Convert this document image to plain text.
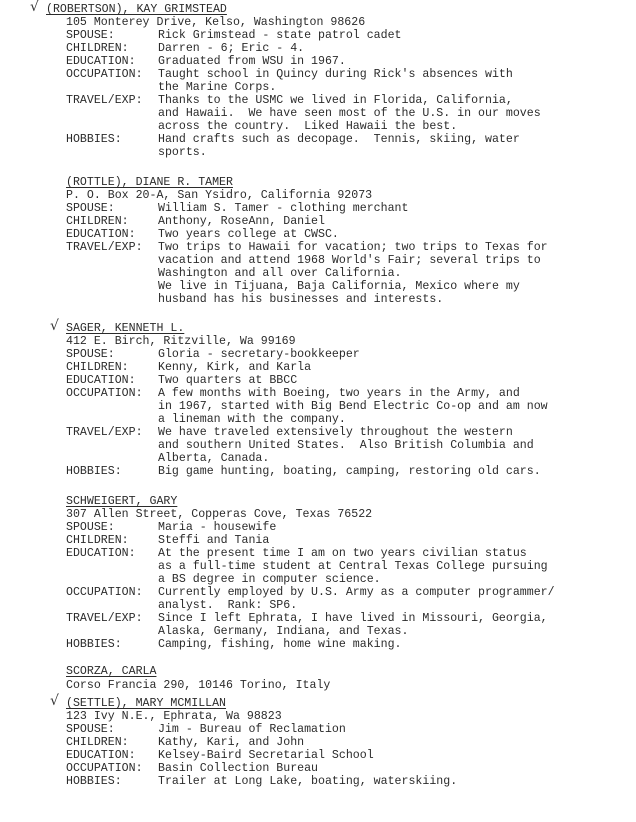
√ (ROBERTSON), KAY GRIMSTEAD
105 Monterey Drive, Kelso, Washington 98626
SPOUSE:	Rick Grimstead - state patrol cadet
CHILDREN:	Darren - 6; Eric - 4.
EDUCATION: Graduated from WSU in 1967.
OCCUPATION: Taught school in Quincy during Rick's absences with
the Marine Corps.
TRAVEL/EXP: Thanks to the USMC we lived in Florida, California,
and Hawaii.  We have seen most of the U.S. in our moves
across the country.  Liked Hawaii the best.
HOBBIES:	Hand crafts such as decopage.  Tennis, skiing, water
sports.
(ROTTLE), DIANE R. TAMER
P. O. Box 20-A, San Ysidro, California 92073
SPOUSE:	William S. Tamer - clothing merchant
CHILDREN:	Anthony, RoseAnn, Daniel
EDUCATION: Two years college at CWSC.
TRAVEL/EXP: Two trips to Hawaii for vacation; two trips to Texas for
vacation and attend 1968 World's Fair; several trips to
Washington and all over California.
We live in Tijuana, Baja California, Mexico where my
husband has his businesses and interests.
√ SAGER, KENNETH L.
412 E. Birch, Ritzville, Wa 99169
SPOUSE:	Gloria - secretary-bookkeeper
CHILDREN:	Kenny, Kirk, and Karla
EDUCATION: Two quarters at BBCC
OCCUPATION: A few months with Boeing, two years in the Army, and
in 1967, started with Big Bend Electric Co-op and am now
a lineman with the company.
TRAVEL/EXP: We have traveled extensively throughout the western
and southern United States.  Also British Columbia and
Alberta, Canada.
HOBBIES:	Big game hunting, boating, camping, restoring old cars.
SCHWEIGERT, GARY
307 Allen Street, Copperas Cove, Texas 76522
SPOUSE:	Maria - housewife
CHILDREN:	Steffi and Tania
EDUCATION: At the present time I am on two years civilian status
as a full-time student at Central Texas College pursuing
a BS degree in computer science.
OCCUPATION: Currently employed by U.S. Army as a computer programmer/
analyst.  Rank: SP6.
TRAVEL/EXP: Since I left Ephrata, I have lived in Missouri, Georgia,
Alaska, Germany, Indiana, and Texas.
HOBBIES:	Camping, fishing, home wine making.
SCORZA, CARLA
Corso Francia 290, 10146 Torino, Italy
√ (SETTLE), MARY MCMILLAN
123 Ivy N.E., Ephrata, Wa 98823
SPOUSE:	Jim - Bureau of Reclamation
CHILDREN:	Kathy, Kari, and John
EDUCATION: Kelsey-Baird Secretarial School
OCCUPATION: Basin Collection Bureau
HOBBIES:	Trailer at Long Lake, boating, waterskiing.
